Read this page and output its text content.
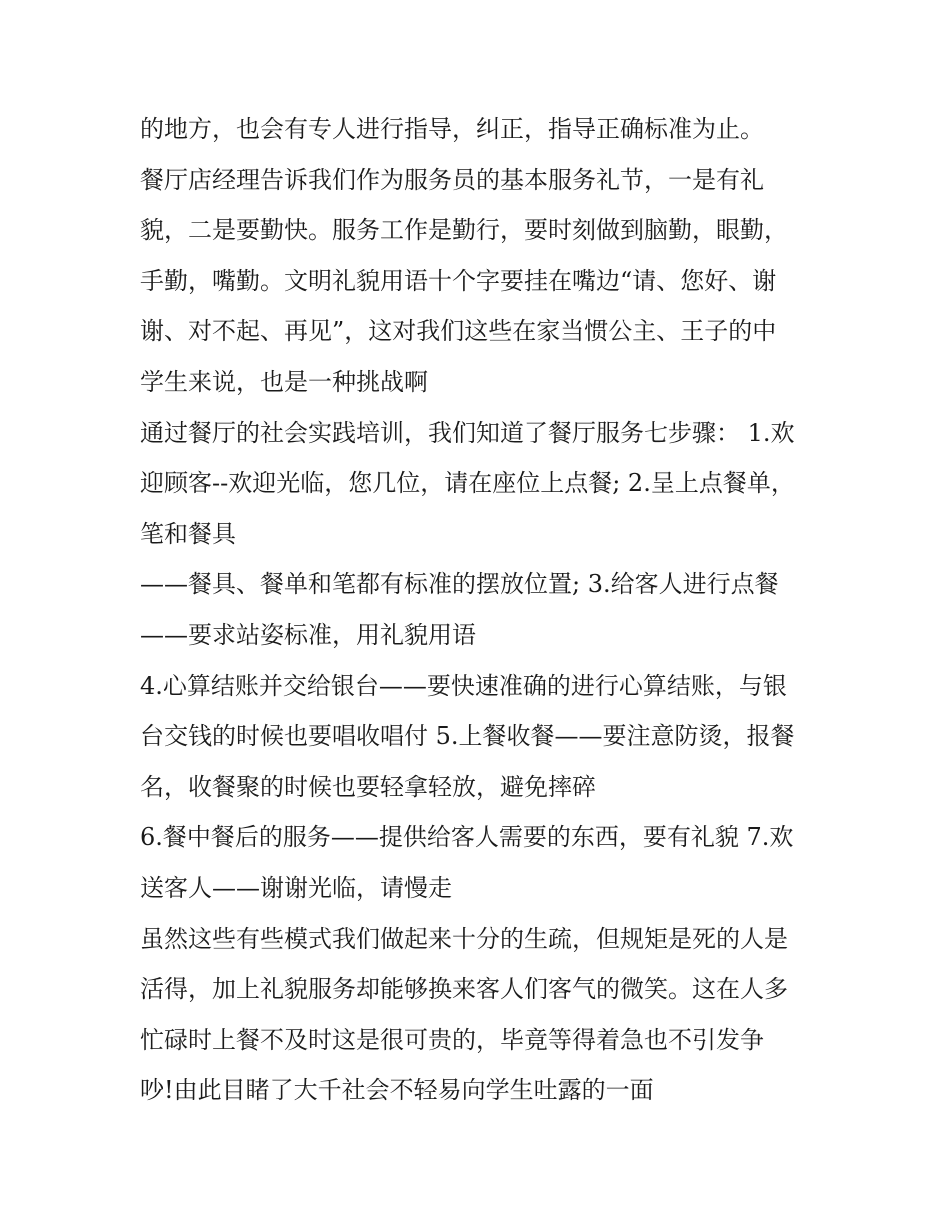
的地方，也会有专人进行指导，纠正，指导正确标准为止。
餐厅店经理告诉我们作为服务员的基本服务礼节，一是有礼
貌，二是要勤快。服务工作是勤行，要时刻做到脑勤，眼勤，
手勤，嘴勤。文明礼貌用语十个字要挂在嘴边“请、您好、谢
谢、对不起、再见”，这对我们这些在家当惯公主、王子的中
学生来说，也是一种挑战啊
通过餐厅的社会实践培训，我们知道了餐厅服务七步骤： 1.欢
迎顾客--欢迎光临，您几位，请在座位上点餐; 2.呈上点餐单，
笔和餐具
——餐具、餐单和笔都有标准的摆放位置; 3.给客人进行点餐
——要求站姿标准，用礼貌用语
4.心算结账并交给银台——要快速准确的进行心算结账，与银
台交钱的时候也要唱收唱付 5.上餐收餐——要注意防烫，报餐
名，收餐聚的时候也要轻拿轻放，避免摔碎
6.餐中餐后的服务——提供给客人需要的东西，要有礼貌 7.欢
送客人——谢谢光临，请慢走
虽然这些有些模式我们做起来十分的生疏，但规矩是死的人是
活得，加上礼貌服务却能够换来客人们客气的微笑。这在人多
忙碌时上餐不及时这是很可贵的，毕竟等得着急也不引发争
吵!由此目睹了大千社会不轻易向学生吐露的一面
